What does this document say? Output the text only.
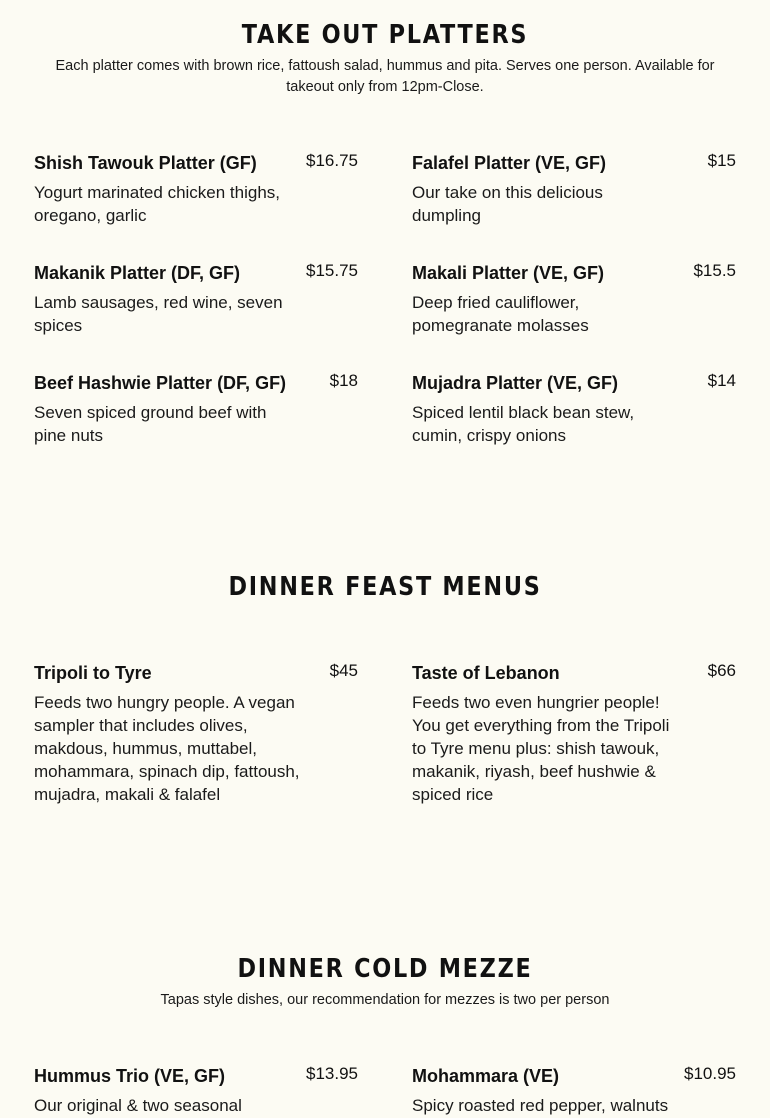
TAKE OUT PLATTERS

Each platter comes with brown rice, fattoush salad, hummus and pita. Serves one person. Available for takeout only from 12pm-Close.

Shish Tawouk Platter (GF)	$16.75
Yogurt marinated chicken thighs, oregano, garlic
Falafel Platter (VE, GF)	$15
Our take on this delicious dumpling
Makanik Platter (DF, GF)	$15.75
Lamb sausages, red wine, seven spices
Makali Platter (VE, GF)	$15.5
Deep fried cauliflower, pomegranate molasses
Beef Hashwie Platter (DF, GF)	$18
Seven spiced ground beef with pine nuts
Mujadra Platter (VE, GF)	$14
Spiced lentil black bean stew, cumin, crispy onions
DINNER FEAST MENUS
Tripoli to Tyre	$45
Feeds two hungry people. A vegan sampler that includes olives, makdous, hummus, muttabel, mohammara, spinach dip, fattoush, mujadra, makali & falafel
Taste of Lebanon	$66
Feeds two even hungrier people! You get everything from the Tripoli to Tyre menu plus: shish tawouk, makanik, riyash, beef hushwie & spiced rice
DINNER COLD MEZZE

Tapas style dishes, our recommendation for mezzes is two per person

Hummus Trio (VE, GF)	$13.95
Our original & two seasonal
Mohammara (VE)	$10.95
Spicy roasted red pepper, walnuts
